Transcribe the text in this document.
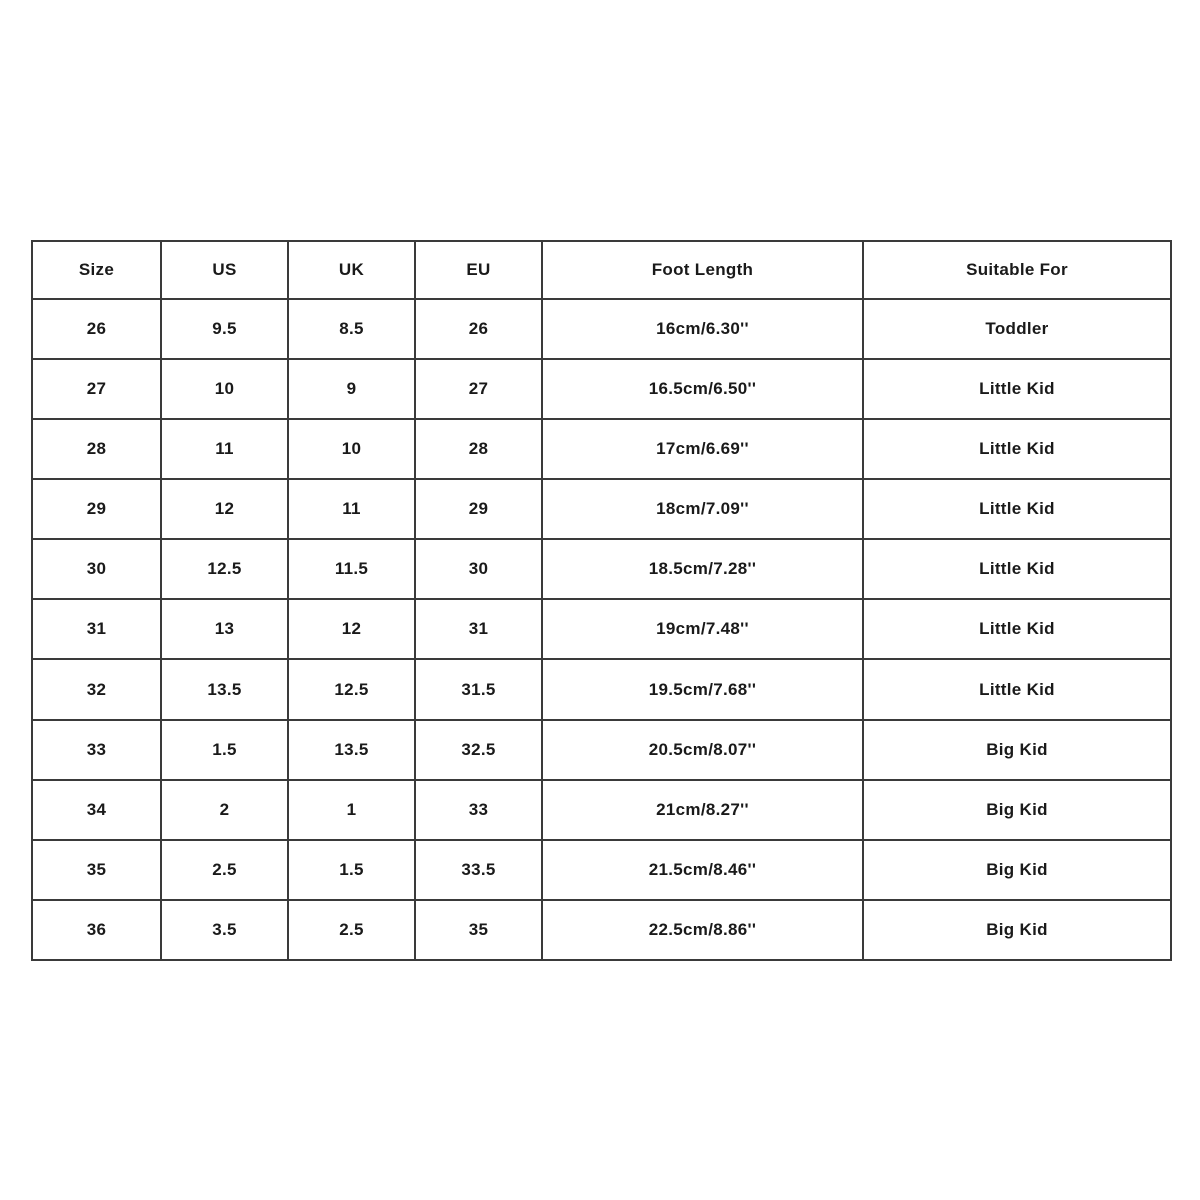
Size	US	UK	EU	Foot Length	Suitable For
26	9.5	8.5	26	16cm/6.30''	Toddler
27	10	9	27	16.5cm/6.50''	Little Kid
28	11	10	28	17cm/6.69''	Little Kid
29	12	11	29	18cm/7.09''	Little Kid
30	12.5	11.5	30	18.5cm/7.28''	Little Kid
31	13	12	31	19cm/7.48''	Little Kid
32	13.5	12.5	31.5	19.5cm/7.68''	Little Kid
33	1.5	13.5	32.5	20.5cm/8.07''	Big Kid
34	2	1	33	21cm/8.27''	Big Kid
35	2.5	1.5	33.5	21.5cm/8.46''	Big Kid
36	3.5	2.5	35	22.5cm/8.86''	Big Kid
